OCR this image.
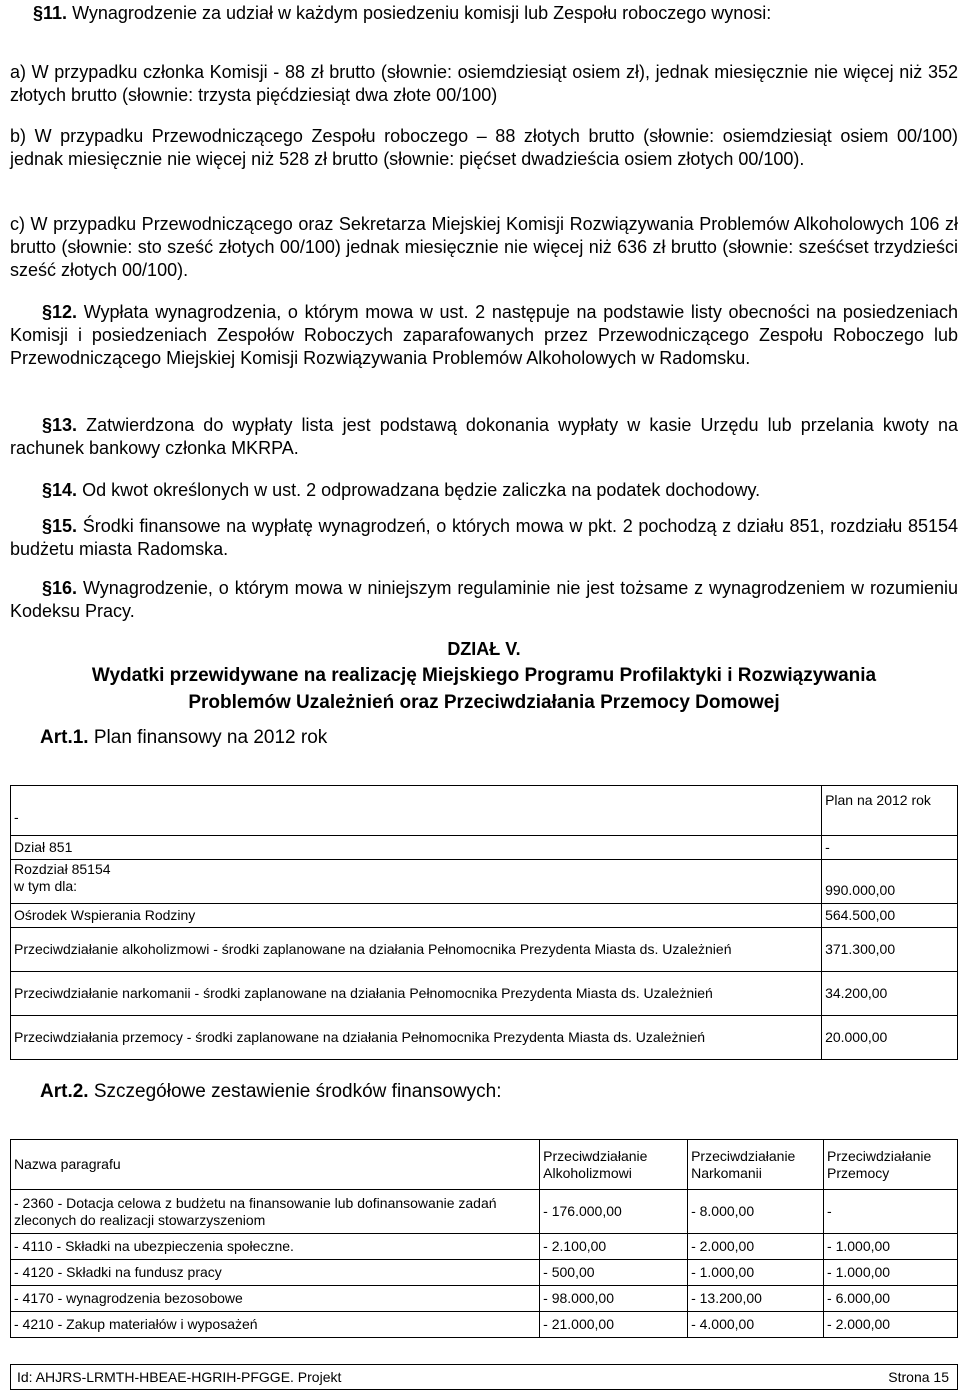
§11. Wynagrodzenie za udział w każdym posiedzeniu komisji lub Zespołu roboczego wynosi:

a) W przypadku członka Komisji - 88 zł brutto (słownie: osiemdziesiąt osiem zł), jednak miesięcznie nie więcej niż 352 złotych brutto (słownie: trzysta pięćdziesiąt dwa złote 00/100)

b) W przypadku Przewodniczącego Zespołu roboczego – 88 złotych brutto (słownie: osiemdziesiąt osiem 00/100) jednak miesięcznie nie więcej niż 528 zł brutto (słownie: pięćset dwadzieścia osiem złotych 00/100).

c) W przypadku Przewodniczącego oraz Sekretarza Miejskiej Komisji Rozwiązywania Problemów Alkoholowych 106 zł brutto (słownie: sto sześć złotych 00/100) jednak miesięcznie nie więcej niż 636 zł brutto (słownie: sześćset trzydzieści sześć złotych 00/100).

§12. Wypłata wynagrodzenia, o którym mowa w ust. 2 następuje na podstawie listy obecności na posiedzeniach Komisji i posiedzeniach Zespołów Roboczych zaparafowanych przez Przewodniczącego Zespołu Roboczego lub Przewodniczącego Miejskiej Komisji Rozwiązywania Problemów Alkoholowych w Radomsku.

§13. Zatwierdzona do wypłaty lista jest podstawą dokonania wypłaty w kasie Urzędu lub przelania kwoty na rachunek bankowy członka MKRPA.

§14. Od kwot określonych w ust. 2 odprowadzana będzie zaliczka na podatek dochodowy.

§15. Środki finansowe na wypłatę wynagrodzeń, o których mowa w pkt. 2 pochodzą z działu 851, rozdziału 85154 budżetu miasta Radomska.

§16. Wynagrodzenie, o którym mowa w niniejszym regulaminie nie jest tożsame z wynagrodzeniem w rozumieniu Kodeksu Pracy.

DZIAŁ V.
Wydatki przewidywane na realizację Miejskiego Programu Profilaktyki i Rozwiązywania
Problemów Uzależnień oraz Przeciwdziałania Przemocy Domowej
Art.1. Plan finansowy na 2012 rok
-	Plan na 2012 rok
Dział 851	-
Rozdział 85154
w tym dla:	990.000,00
Ośrodek Wspierania Rodziny	564.500,00
Przeciwdziałanie alkoholizmowi - środki zaplanowane na działania Pełnomocnika Prezydenta Miasta ds. Uzależnień	371.300,00
Przeciwdziałanie narkomanii - środki zaplanowane na działania Pełnomocnika Prezydenta Miasta ds. Uzależnień	34.200,00
Przeciwdziałania przemocy - środki zaplanowane na działania Pełnomocnika Prezydenta Miasta ds. Uzależnień	20.000,00
Art.2. Szczegółowe zestawienie środków finansowych:
Nazwa paragrafu	Przeciwdziałanie Alkoholizmowi	Przeciwdziałanie Narkomanii	Przeciwdziałanie Przemocy
- 2360 - Dotacja celowa z budżetu na finansowanie lub dofinansowanie zadań zleconych do realizacji stowarzyszeniom	- 176.000,00	- 8.000,00	-
- 4110 - Składki na ubezpieczenia społeczne.	- 2.100,00	- 2.000,00	- 1.000,00
- 4120 - Składki na fundusz pracy	- 500,00	- 1.000,00	- 1.000,00
- 4170 - wynagrodzenia bezosobowe	- 98.000,00	- 13.200,00	- 6.000,00
- 4210 - Zakup materiałów i wyposażeń	- 21.000,00	- 4.000,00	- 2.000,00
Id: AHJRS-LRMTH-HBEAE-HGRIH-PFGGE. Projekt	Strona 15
